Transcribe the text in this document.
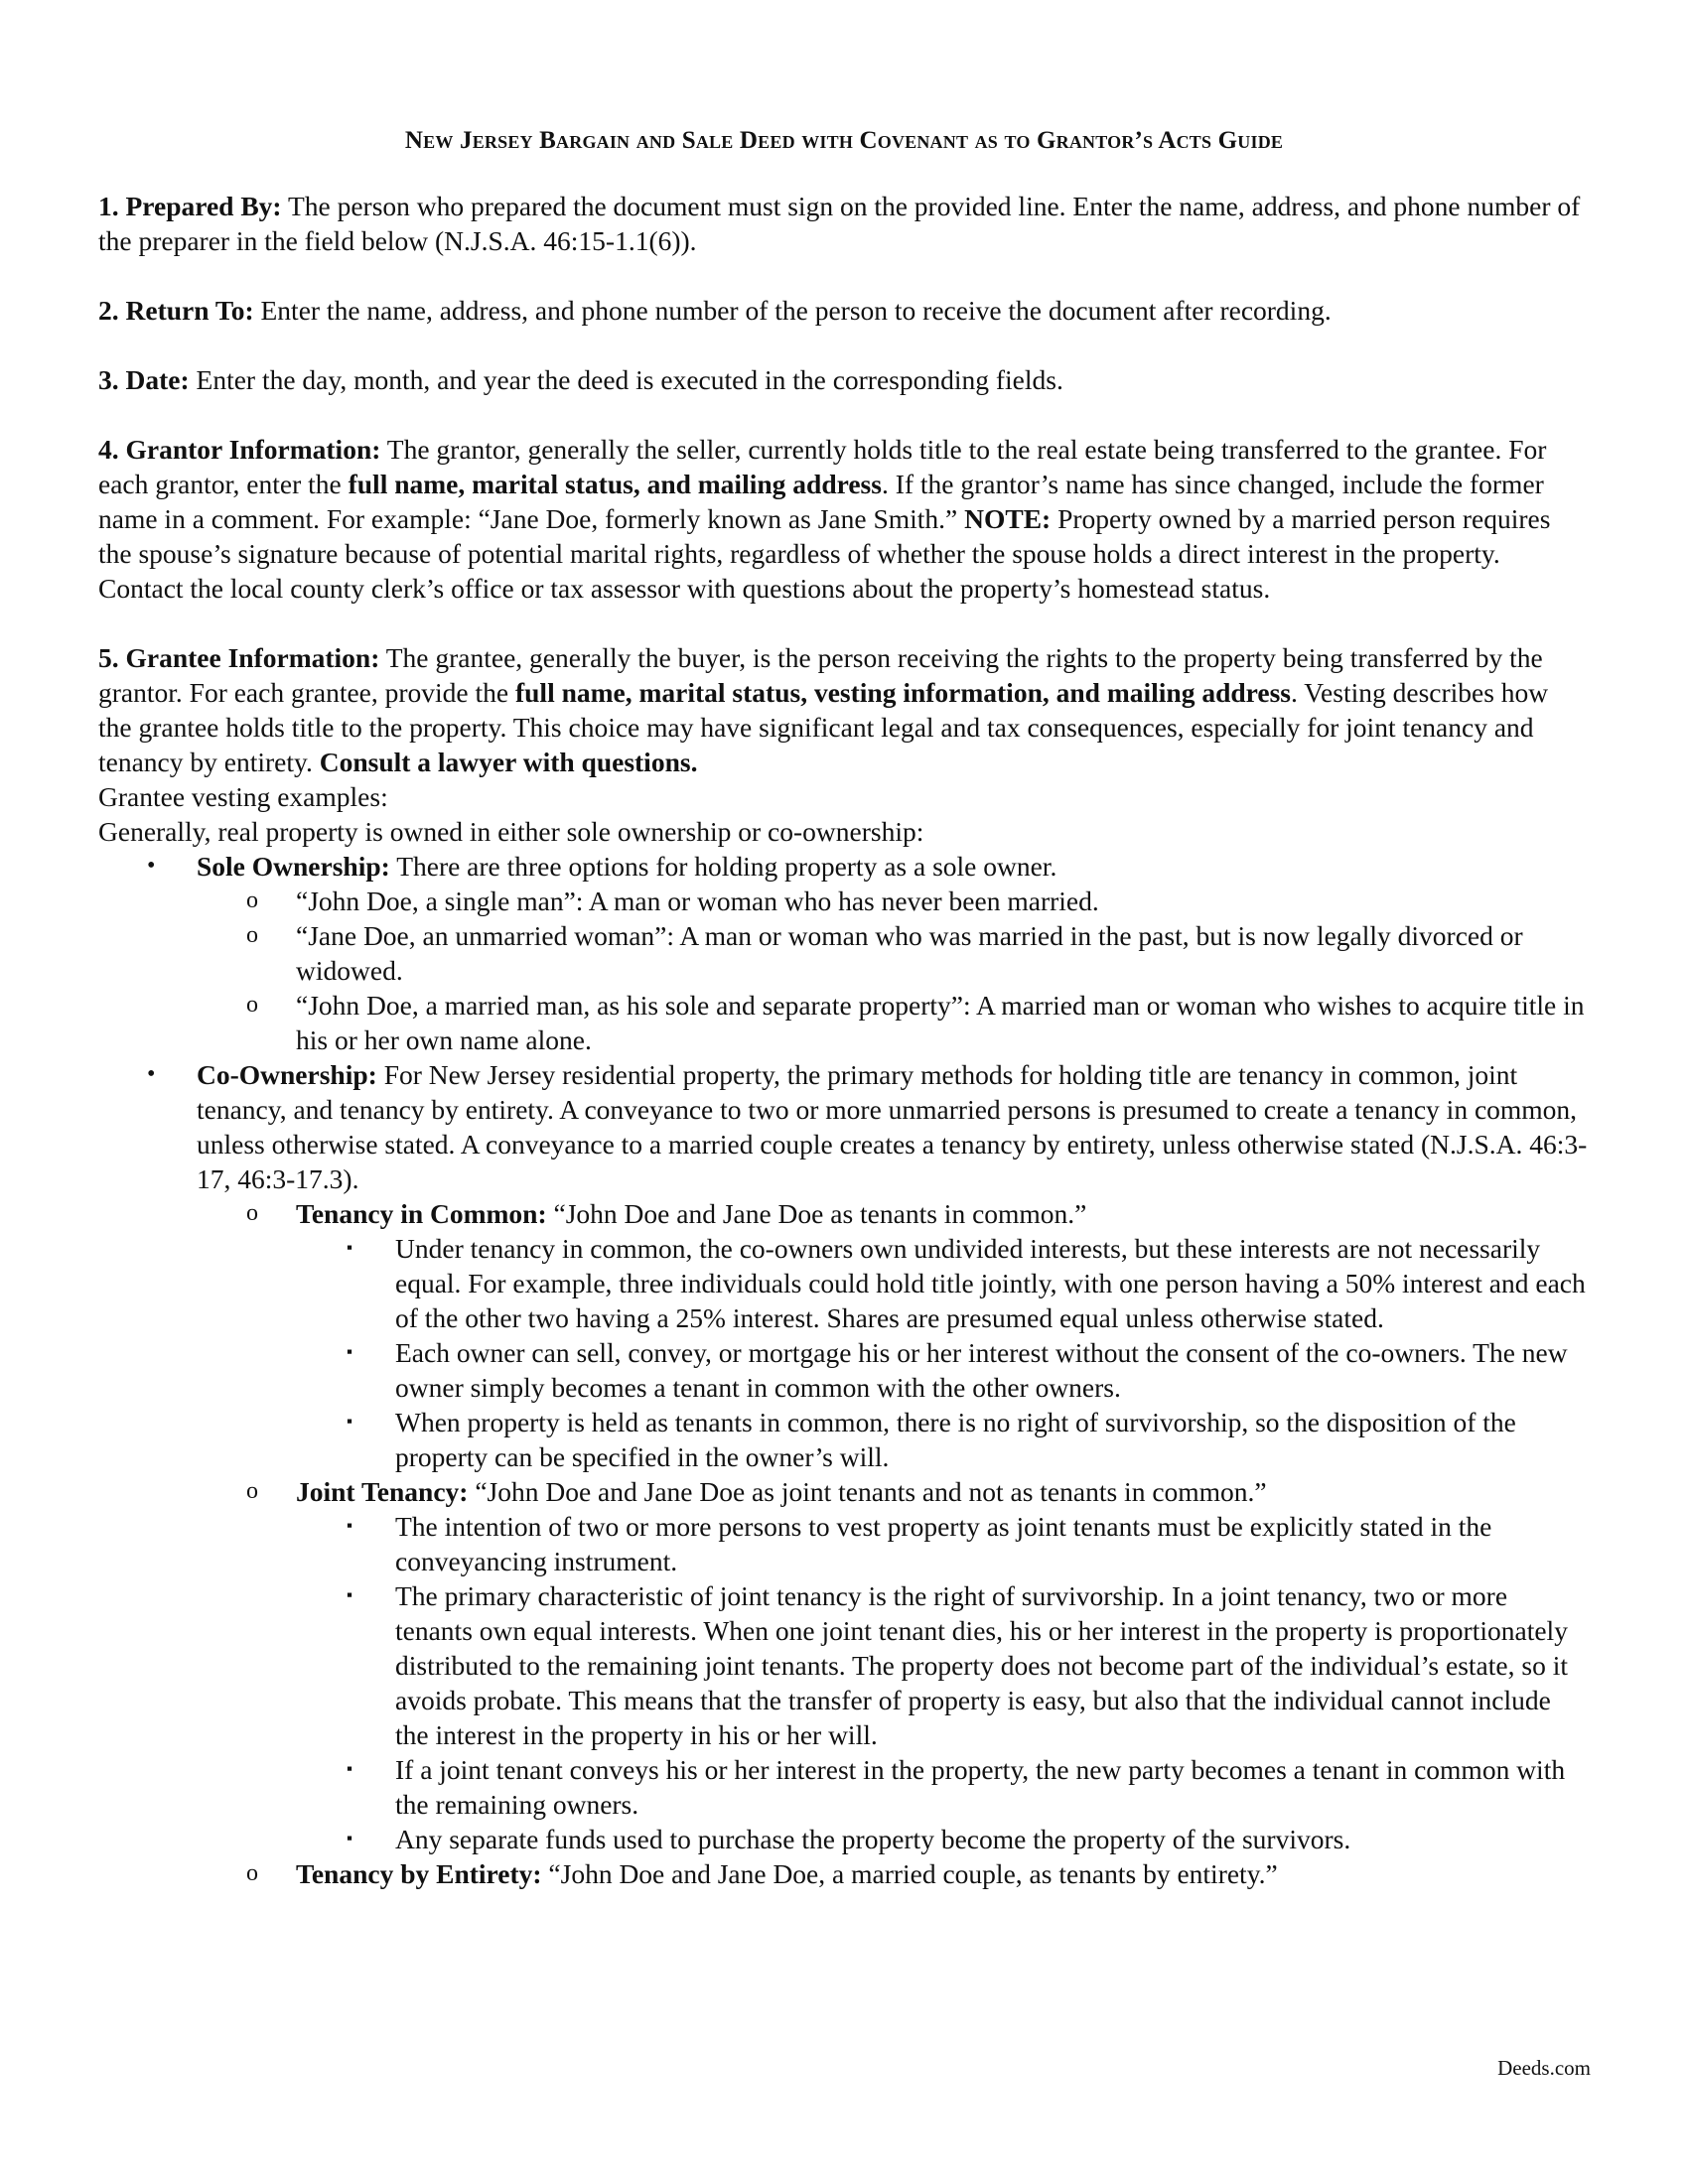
New Jersey Bargain and Sale Deed with Covenant as to Grantor’s Acts Guide

1. Prepared By: The person who prepared the document must sign on the provided line. Enter the name, address, and phone number of the preparer in the field below (N.J.S.A. 46:15-1.1(6)).

2. Return To: Enter the name, address, and phone number of the person to receive the document after recording.

3. Date: Enter the day, month, and year the deed is executed in the corresponding fields.

4. Grantor Information: The grantor, generally the seller, currently holds title to the real estate being transferred to the grantee. For each grantor, enter the full name, marital status, and mailing address. If the grantor’s name has since changed, include the former name in a comment. For example: “Jane Doe, formerly known as Jane Smith.” NOTE: Property owned by a married person requires the spouse’s signature because of potential marital rights, regardless of whether the spouse holds a direct interest in the property. Contact the local county clerk’s office or tax assessor with questions about the property’s homestead status.

5. Grantee Information: The grantee, generally the buyer, is the person receiving the rights to the property being transferred by the grantor. For each grantee, provide the full name, marital status, vesting information, and mailing address. Vesting describes how the grantee holds title to the property. This choice may have significant legal and tax consequences, especially for joint tenancy and tenancy by entirety. Consult a lawyer with questions.

Grantee vesting examples:
Generally, real property is owned in either sole ownership or co-ownership:
• Sole Ownership: There are three options for holding property as a sole owner.
o “John Doe, a single man”: A man or woman who has never been married.
o “Jane Doe, an unmarried woman”: A man or woman who was married in the past, but is now legally divorced or widowed.
o “John Doe, a married man, as his sole and separate property”: A married man or woman who wishes to acquire title in his or her own name alone.
• Co-Ownership: For New Jersey residential property, the primary methods for holding title are tenancy in common, joint tenancy, and tenancy by entirety. A conveyance to two or more unmarried persons is presumed to create a tenancy in common, unless otherwise stated. A conveyance to a married couple creates a tenancy by entirety, unless otherwise stated (N.J.S.A. 46:3-17, 46:3-17.3).
o Tenancy in Common: “John Doe and Jane Doe as tenants in common.”
▪ Under tenancy in common, the co-owners own undivided interests, but these interests are not necessarily equal. For example, three individuals could hold title jointly, with one person having a 50% interest and each of the other two having a 25% interest. Shares are presumed equal unless otherwise stated.
▪ Each owner can sell, convey, or mortgage his or her interest without the consent of the co-owners. The new owner simply becomes a tenant in common with the other owners.
▪ When property is held as tenants in common, there is no right of survivorship, so the disposition of the property can be specified in the owner’s will.
o Joint Tenancy: “John Doe and Jane Doe as joint tenants and not as tenants in common.”
▪ The intention of two or more persons to vest property as joint tenants must be explicitly stated in the conveyancing instrument.
▪ The primary characteristic of joint tenancy is the right of survivorship. In a joint tenancy, two or more tenants own equal interests. When one joint tenant dies, his or her interest in the property is proportionately distributed to the remaining joint tenants. The property does not become part of the individual’s estate, so it avoids probate. This means that the transfer of property is easy, but also that the individual cannot include the interest in the property in his or her will.
▪ If a joint tenant conveys his or her interest in the property, the new party becomes a tenant in common with the remaining owners.
▪ Any separate funds used to purchase the property become the property of the survivors.
o Tenancy by Entirety: “John Doe and Jane Doe, a married couple, as tenants by entirety.”
Deeds.com
